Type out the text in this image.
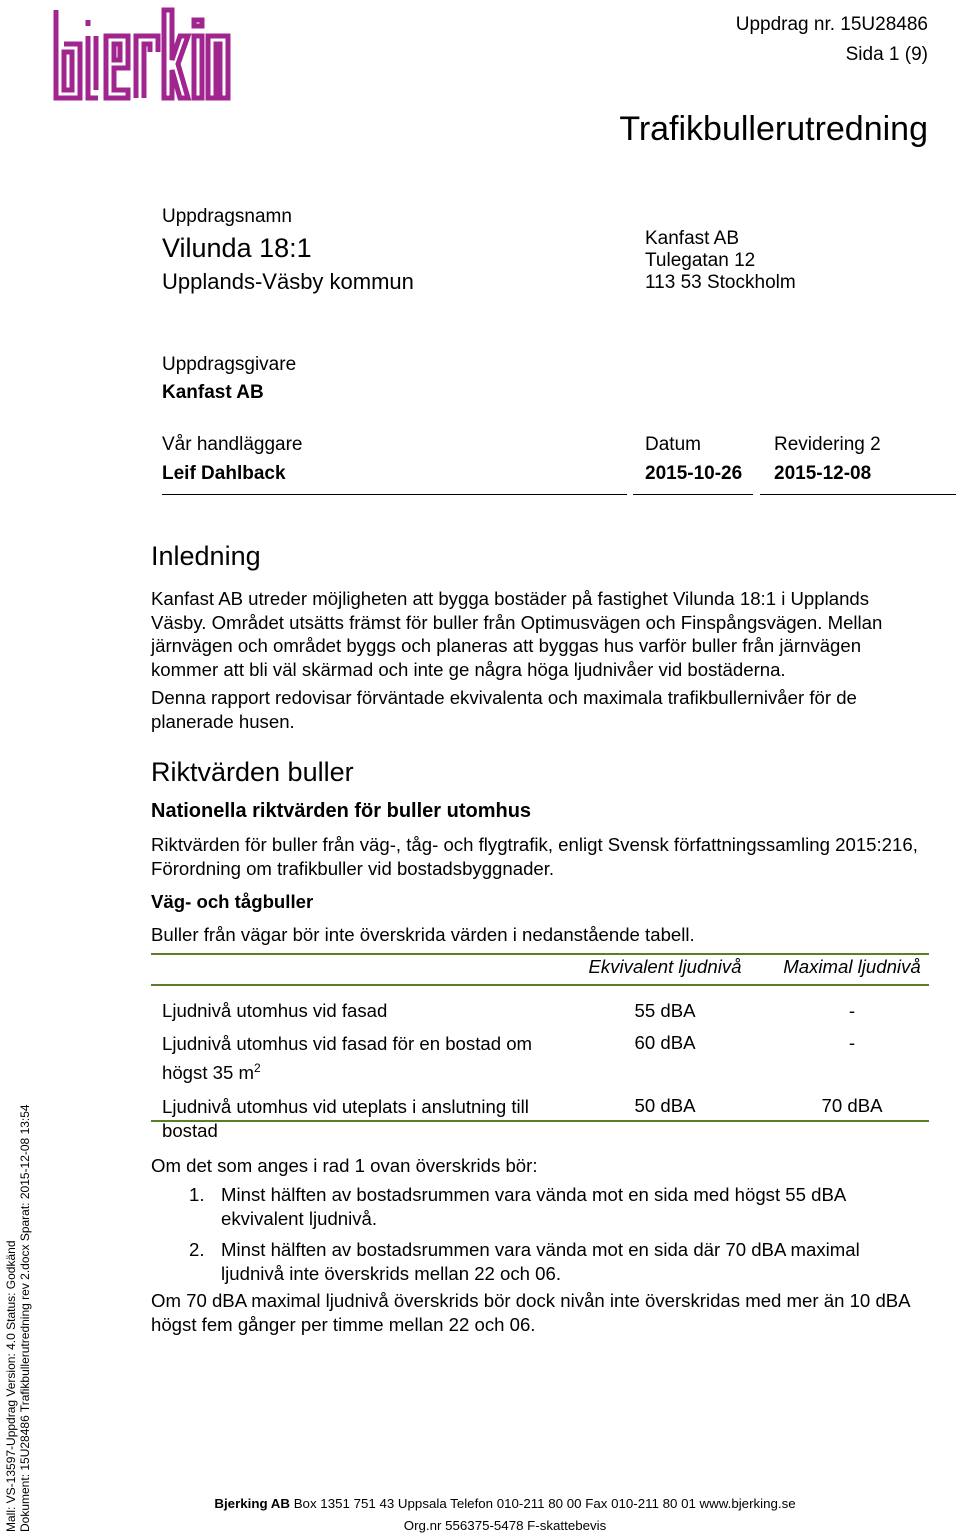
Uppdrag nr. 15U28486
Sida 1 (9)
Trafikbullerutredning
Uppdragsnamn
Vilunda 18:1
Upplands-Väsby kommun
Kanfast AB
Tulegatan 12
113 53 Stockholm
Uppdragsgivare
Kanfast AB
Vår handläggare
Leif Dahlback
Datum
2015-10-26
Revidering 2
2015-12-08
Inledning
Kanfast AB utreder möjligheten att bygga bostäder på fastighet Vilunda 18:1 i Upplands Väsby. Området utsätts främst för buller från Optimusvägen och Finspångsvägen. Mellan järnvägen och området byggs och planeras att byggas hus varför buller från järnvägen kommer att bli väl skärmad och inte ge några höga ljudnivåer vid bostäderna.
Denna rapport redovisar förväntade ekvivalenta och maximala trafikbullernivåer för de planerade husen.
Riktvärden buller
Nationella riktvärden för buller utomhus
Riktvärden för buller från väg-, tåg- och flygtrafik, enligt Svensk författningssamling 2015:216, Förordning om trafikbuller vid bostadsbyggnader.
Väg- och tågbuller
Buller från vägar bör inte överskrida värden i nedanstående tabell.
	Ekvivalent ljudnivå	Maximal ljudnivå
Ljudnivå utomhus vid fasad	55 dBA	-
Ljudnivå utomhus vid fasad för en bostad om högst 35 $m^2$	60 dBA	-
Ljudnivå utomhus vid uteplats i anslutning till bostad	50 dBA	70 dBA
Om det som anges i rad 1 ovan överskrids bör:
1. Minst hälften av bostadsrummen vara vända mot en sida med högst 55 dBA ekvivalent ljudnivå.
2. Minst hälften av bostadsrummen vara vända mot en sida där 70 dBA maximal ljudnivå inte överskrids mellan 22 och 06.
Om 70 dBA maximal ljudnivå överskrids bör dock nivån inte överskridas med mer än 10 dBA högst fem gånger per timme mellan 22 och 06.
Mall: VS-13597-Uppdrag Version: 4.0 Status: Godkänd Dokument: 15U28486 Trafikbullerutredning rev 2.docx Sparat: 2015-12-08 13:54	Bjerking AB Box 1351 751 43 Uppsala Telefon 010-211 80 00 Fax 010-211 80 01 www.bjerking.se
Org.nr 556375-5478 F-skattebevis
